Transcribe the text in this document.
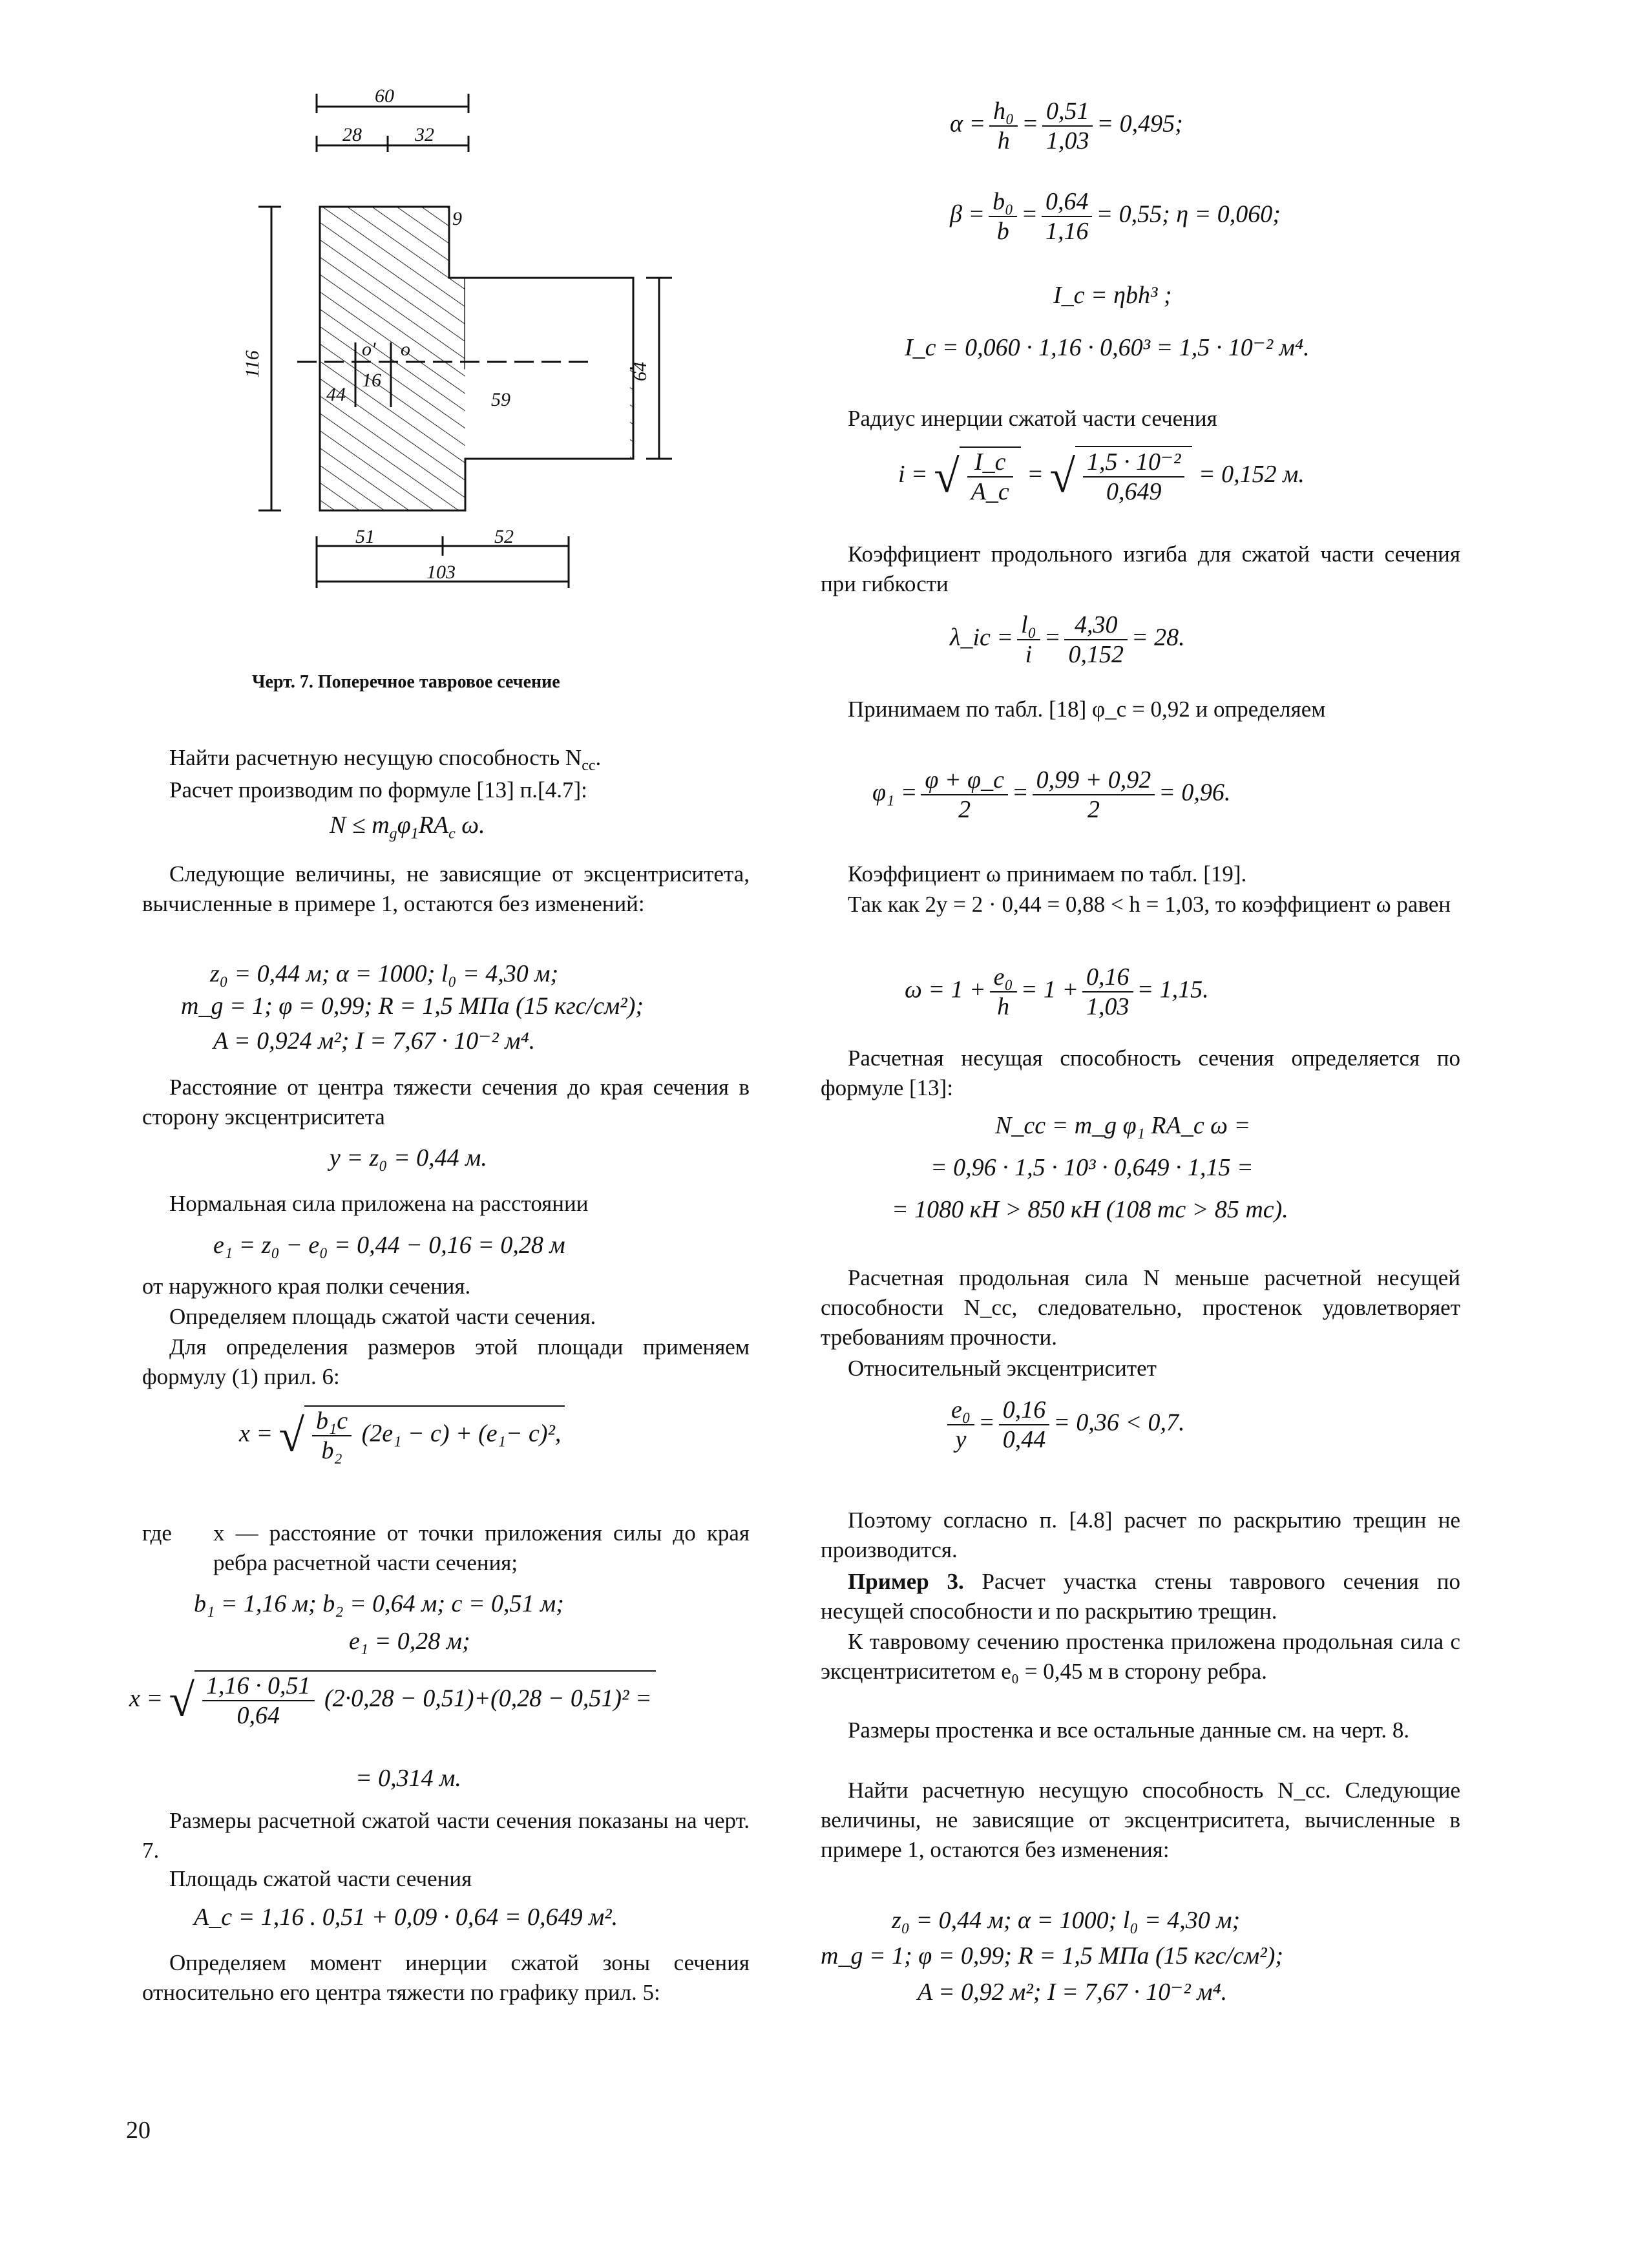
60
28	32
9
116	64
о' о
16
44	59
51	52
103
Черт. 7. Поперечное тавровое сечение
Найти расчетную несущую способность $N_{cc}$.
Расчет производим по формуле [13] п.[4.7]:
$N \le m_g\varphi_1RA_c$ ω.
Следующие величины, не зависящие от эксцентриситета, вычисленные в примере 1, остаются без изменений:
z₀ = 0,44 м; α = 1000; l₀ = 4,30 м;
m_g = 1; φ = 0,99; R = 1,5 МПа (15 кгс/см²);
A = 0,924 м²; I = 7,67 · 10⁻² м⁴.
Расстояние от центра тяжести сечения до края сечения в сторону эксцентриситета
y = z₀ = 0,44 м.
Нормальная сила приложена на расстоянии
e₁ = z₀ − e₀ = 0,44 − 0,16 = 0,28 м
от наружного края полки сечения.
Определяем площадь сжатой части сечения.
Для определения размеров этой площади применяем формулу (1) прил. 6:
x = √ $\frac{\text{b₁c}}{\text{b₂}} (2e_1 - c) + (e_1- c)^2$,
где	x — расстояние от точки приложения силы до края ребра расчетной части сечения;
b₁ = 1,16 м; b₂ = 0,64 м; c = 0,51 м;
e₁ = 0,28 м;
x = √ $\frac{1,16 \cdot 0,51}{0,64} (2\cdot 0,28 - 0,51)+(0,28 - 0,51)^2$ =
= 0,314 м.
Размеры расчетной сжатой части сечения показаны на черт. 7.
Площадь сжатой части сечения
A_c = 1,16 . 0,51 + 0,09 · 0,64 = 0,649 м².
Определяем момент инерции сжатой зоны сечения относительно его центра тяжести по графику прил. 5:
$\alpha = \frac{\text{h₀}}{h} = \frac{0,51}{1,03} = 0,495$;
$\beta = \frac{\text{b₀}}{b} = \frac{0,64}{1,16} = 0,55$; η = 0,060;
I_c = ηbh³ ;
I_c = 0,060 · 1,16 · 0,60³ = 1,5 · 10⁻² м⁴.
Радиус инерции сжатой части сечения
i = √ $\frac{I\_c}{A\_c}$ = √ $\frac{\text{1,5 · 10⁻²}}{0,649} = 0,152$ м.
Коэффициент продольного изгиба для сжатой части сечения при гибкости
λ_ic = $\frac{\text{l₀}}{i} = \frac{4,30}{0,152} = 28$.
Принимаем по табл. [18] φ_c = 0,92 и определяем
$\varphi_1 = \frac{\varphi + \varphi\_c}{2} = \frac{0,99 + 0,92}{2} = 0,96$.
Коэффициент ω принимаем по табл. [19].
Так как 2y = 2 · 0,44 = 0,88 < h = 1,03, то коэффициент ω равен
$\omega = 1 + \frac{\text{e₀}}{h} = 1 + \frac{0,16}{1,03} = 1,15$.
Расчетная несущая способность сечения определяется по формуле [13]:
N_cc = m_g φ₁ RA_c ω =
= 0,96 · 1,5 · 10³ · 0,649 · 1,15 =
= 1080 кН > 850 кН (108 тс > 85 тс).
Расчетная продольная сила N меньше расчетной несущей способности N_cc, следовательно, простенок удовлетворяет требованиям прочности.
Относительный эксцентриситет
$\frac{\text{e₀}}{y} = \frac{0,16}{0,44} = 0,36 < 0,7$.
Поэтому согласно п. [4.8] расчет по раскрытию трещин не производится.
Пример 3. Расчет участка стены таврового сечения по несущей способности и по раскрытию трещин.
К тавровому сечению простенка приложена продольная сила с эксцентриситетом e₀ = 0,45 м в сторону ребра.
Размеры простенка и все остальные данные см. на черт. 8.
Найти расчетную несущую способность N_cc. Следующие величины, не зависящие от эксцентриситета, вычисленные в примере 1, остаются без изменения:
z₀ = 0,44 м; α = 1000; l₀ = 4,30 м;
m_g = 1; φ = 0,99; R = 1,5 МПа (15 кгс/см²);
A = 0,92 м²; I = 7,67 · 10⁻² м⁴.
20
